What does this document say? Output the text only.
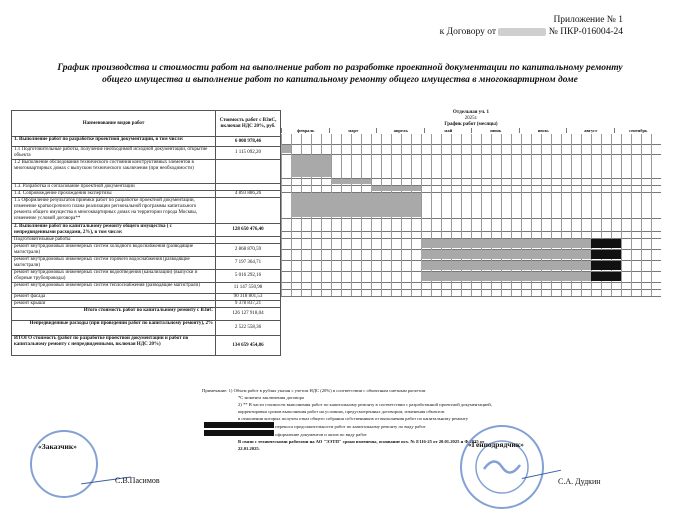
Приложение № 1
к Договору от	№ ПКР-016004-24
График производства и стоимости работ на выполнение работ по разработке проектной документации по капитальному ремонту
общего имущества и выполнение работ по капитальному ремонту общего имущества в многоквартирном доме
Наименование видов работ	Стоимость работ с ВЗиС, включая НДС 20%, руб.
1. Выполнение работ по разработке проектной документации, в том числе:	6 008 978,46
1.1 Подготовительные работы, получение необходимой исходной документации, открытие объекта	1 115 092,20
1.2 Выполнение обследования технического состояния конструктивных элементов в многоквартирных домах с выпуском технического заключения (при необходимости)	
1.3. Разработка и согласование проектной документации	
1.4. Сопровождение прохождения экспертизы	4 893 886,26
1.5 Оформление результатов приемки работ по разработке проектной документации, изменение краткосрочного плана реализации региональной программы капитального ремонта общего имущества в многоквартирных домах на территории города Москвы, изменение условий договора**	
2. Выполнение работ по капитальному ремонту общего имущества ( с непредвиденными расходами, 2%), в том числе:	128 650 476,40
Подготовительные работы	
ремонт внутридомовых инженерных систем холодного водоснабжения (разводящие магистрали)	2 868 870,59
ремонт внутридомовых инженерных систем горячего водоснабжения (разводящие магистрали)	7 197 364,71
ремонт внутридомовых инженерных систем водоотведения (канализации) (выпуски и сборные трубопроводы)	5 016 292,16
ремонт внутридомовых инженерных систем теплоснабжения (разводящие магистрали)	11 147 550,98
ремонт фасада	90 318 801,53
ремонт крыши	9 378 837,21
Итого стоимость работ по капитальному ремонту с ВЗиС	126 127 918,04
Непредвиденные расходы (при проведении работ по капитальному ремонту), 2%	2 522 558,36
ИТОГО стоимость (работ по разработке проектной документации и работ по капитальному ремонту с непредвиденными, включая НДС 20%)	134 659 454,86
Отдельная уч. 1
2025г.
График работ (месяцы)
февраль	март	апрель	май	июнь	июль	август	сентябрь
Примечание: 1) Объем работ в рублях указан с учетом НДС (20%) в соответствии с объектным сметным расчетом
*С момента заключения договора
2) ** В части стоимости выполнения работ по капитальному ремонту в соответствии с разработанной проектной документацией,
корректировки сроков выполнения работ на условиях, предусмотренных договором, изменения объектов.
в отношении которых получен отказ общего собрания собственников от выполнения работ по капитальному ремонту
переноса продолжительности работ по капитальному ремонту по виду работ
оформление документов и актов по виду работ
В связи с техническими работами на АО "ЭЭТП" сроки изменены, основание исх. № Е116-25 от 20.01.2025 и Ф.2025 от
22.01.2025.
«Заказчик»
С.В.Пасимов
«Генподрядчик»
С.А. Дудкин
